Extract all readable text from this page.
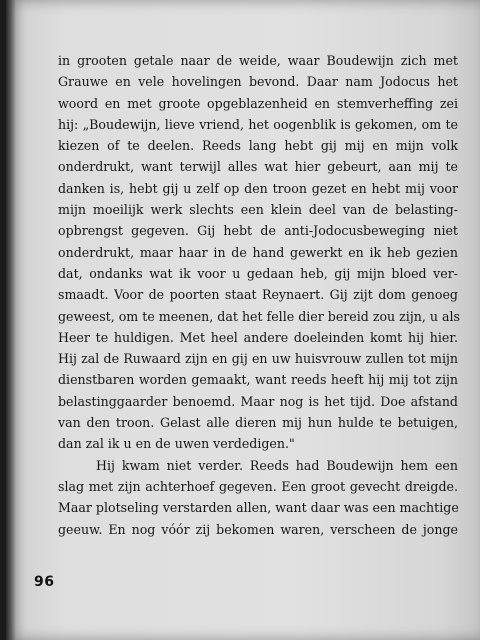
in grooten getale naar de weide, waar Boudewijn zich met
Grauwe en vele hovelingen bevond. Daar nam Jodocus het
woord en met groote opgeblazenheid en stemverheffing zei
hij: „Boudewijn, lieve vriend, het oogenblik is gekomen, om te
kiezen of te deelen. Reeds lang hebt gij mij en mijn volk
onderdrukt, want terwijl alles wat hier gebeurt, aan mij te
danken is, hebt gij u zelf op den troon gezet en hebt mij voor
mijn moeilijk werk slechts een klein deel van de belasting-
opbrengst gegeven. Gij hebt de anti-Jodocusbeweging niet
onderdrukt, maar haar in de hand gewerkt en ik heb gezien
dat, ondanks wat ik voor u gedaan heb, gij mijn bloed ver-
smaadt. Voor de poorten staat Reynaert. Gij zijt dom genoeg
geweest, om te meenen, dat het felle dier bereid zou zijn, u als
Heer te huldigen. Met heel andere doeleinden komt hij hier.
Hij zal de Ruwaard zijn en gij en uw huisvrouw zullen tot mijn
dienstbaren worden gemaakt, want reeds heeft hij mij tot zijn
belastinggaarder benoemd. Maar nog is het tijd. Doe afstand
van den troon. Gelast alle dieren mij hun hulde te betuigen,
dan zal ik u en de uwen verdedigen."
Hij kwam niet verder. Reeds had Boudewijn hem een
slag met zijn achterhoef gegeven. Een groot gevecht dreigde.
Maar plotseling verstarden allen, want daar was een machtige
geeuw. En nog vóór zij bekomen waren, verscheen de jonge
96
